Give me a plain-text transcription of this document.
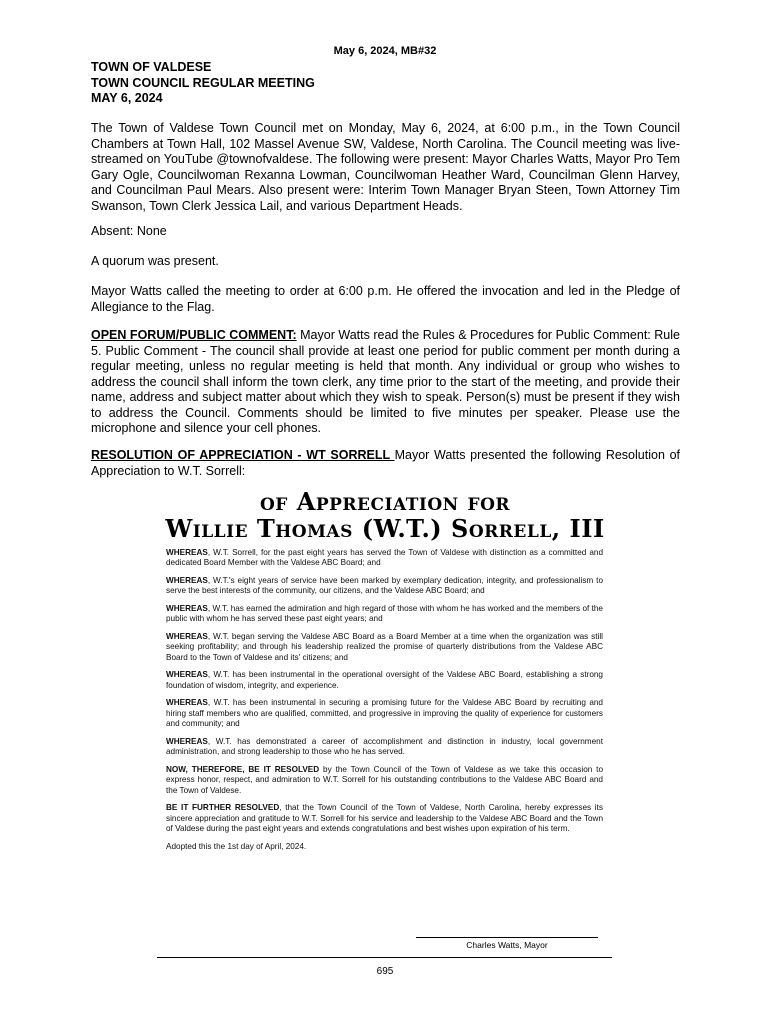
May 6, 2024, MB#32
TOWN OF VALDESE
TOWN COUNCIL REGULAR MEETING
MAY 6, 2024

The Town of Valdese Town Council met on Monday, May 6, 2024, at 6:00 p.m., in the Town Council Chambers at Town Hall, 102 Massel Avenue SW, Valdese, North Carolina. The Council meeting was live-streamed on YouTube @townofvaldese. The following were present: Mayor Charles Watts, Mayor Pro Tem Gary Ogle, Councilwoman Rexanna Lowman, Councilwoman Heather Ward, Councilman Glenn Harvey, and Councilman Paul Mears. Also present were: Interim Town Manager Bryan Steen, Town Attorney Tim Swanson, Town Clerk Jessica Lail, and various Department Heads.

Absent: None

A quorum was present.

Mayor Watts called the meeting to order at 6:00 p.m. He offered the invocation and led in the Pledge of Allegiance to the Flag.

OPEN FORUM/PUBLIC COMMENT: Mayor Watts read the Rules & Procedures for Public Comment: Rule 5. Public Comment - The council shall provide at least one period for public comment per month during a regular meeting, unless no regular meeting is held that month. Any individual or group who wishes to address the council shall inform the town clerk, any time prior to the start of the meeting, and provide their name, address and subject matter about which they wish to speak. Person(s) must be present if they wish to address the Council. Comments should be limited to five minutes per speaker. Please use the microphone and silence your cell phones.

RESOLUTION OF APPRECIATION - WT SORRELL Mayor Watts presented the following Resolution of Appreciation to W.T. Sorrell:

of Appreciation for
Willie Thomas (W.T.) Sorrell, III

WHEREAS, W.T. Sorrell, for the past eight years has served the Town of Valdese with distinction as a committed and dedicated Board Member with the Valdese ABC Board; and

WHEREAS, W.T.'s eight years of service have been marked by exemplary dedication, integrity, and professionalism to serve the best interests of the community, our citizens, and the Valdese ABC Board; and

WHEREAS, W.T. has earned the admiration and high regard of those with whom he has worked and the members of the public with whom he has served these past eight years; and

WHEREAS, W.T. began serving the Valdese ABC Board as a Board Member at a time when the organization was still seeking profitability; and through his leadership realized the promise of quarterly distributions from the Valdese ABC Board to the Town of Valdese and its' citizens; and

WHEREAS, W.T. has been instrumental in the operational oversight of the Valdese ABC Board, establishing a strong foundation of wisdom, integrity, and experience.

WHEREAS, W.T. has been instrumental in securing a promising future for the Valdese ABC Board by recruiting and hiring staff members who are qualified, committed, and progressive in improving the quality of experience for customers and community; and

WHEREAS, W.T. has demonstrated a career of accomplishment and distinction in industry, local government administration, and strong leadership to those who he has served.

NOW, THEREFORE, BE IT RESOLVED by the Town Council of the Town of Valdese as we take this occasion to express honor, respect, and admiration to W.T. Sorrell for his outstanding contributions to the Valdese ABC Board and the Town of Valdese.

BE IT FURTHER RESOLVED, that the Town Council of the Town of Valdese, North Carolina, hereby expresses its sincere appreciation and gratitude to W.T. Sorrell for his service and leadership to the Valdese ABC Board and the Town of Valdese during the past eight years and extends congratulations and best wishes upon expiration of his term.

Adopted this the 1st day of April, 2024.

Charles Watts, Mayor
695
